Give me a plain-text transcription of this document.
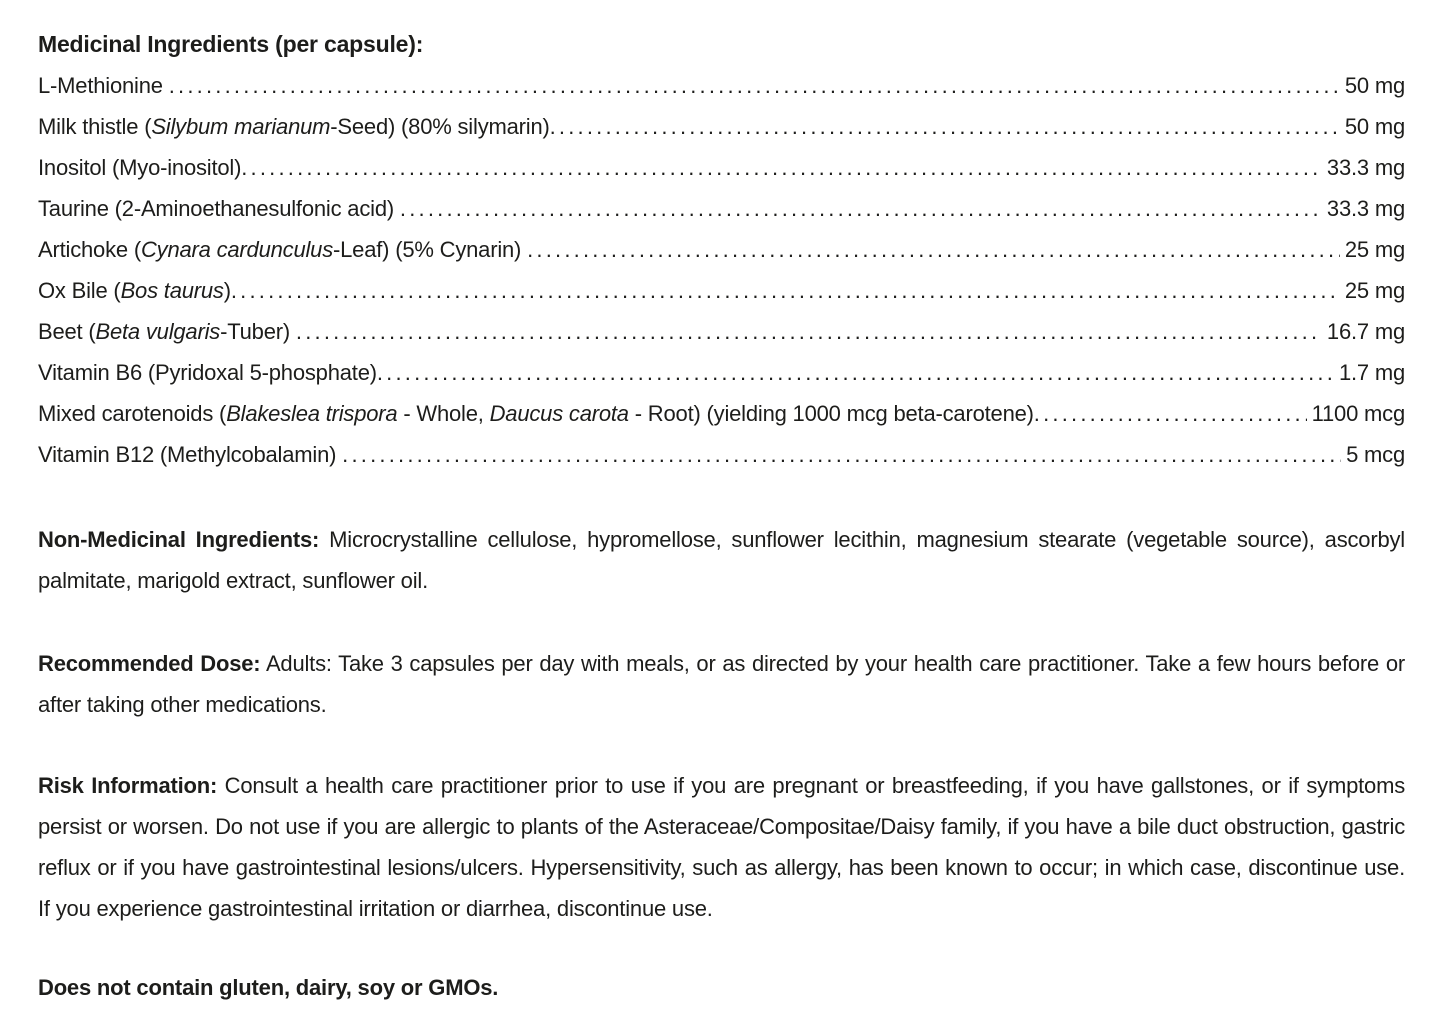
Medicinal Ingredients (per capsule):
L-Methionine .....	50 mg
Milk thistle (Silybum marianum-Seed) (80% silymarin) .....	50 mg
Inositol (Myo-inositol) .....	33.3 mg
Taurine (2-Aminoethanesulfonic acid) .....	33.3 mg
Artichoke (Cynara cardunculus-Leaf) (5% Cynarin) .....	25 mg
Ox Bile (Bos taurus) .....	25 mg
Beet (Beta vulgaris-Tuber) .....	16.7 mg
Vitamin B6 (Pyridoxal 5-phosphate) .....	1.7 mg
Mixed carotenoids (Blakeslea trispora - Whole, Daucus carota - Root) (yielding 1000 mcg beta-carotene) .....	1100 mcg
Vitamin B12 (Methylcobalamin) .....	5 mcg

Non-Medicinal Ingredients: Microcrystalline cellulose, hypromellose, sunflower lecithin, magnesium stearate (vegetable source), ascorbyl palmitate, marigold extract, sunflower oil.

Recommended Dose: Adults: Take 3 capsules per day with meals, or as directed by your health care practitioner. Take a few hours before or after taking other medications.

Risk Information: Consult a health care practitioner prior to use if you are pregnant or breastfeeding, if you have gallstones, or if symptoms persist or worsen. Do not use if you are allergic to plants of the Asteraceae/Compositae/Daisy family, if you have a bile duct obstruction, gastric reflux or if you have gastrointestinal lesions/ulcers. Hypersensitivity, such as allergy, has been known to occur; in which case, discontinue use. If you experience gastrointestinal irritation or diarrhea, discontinue use.

Does not contain gluten, dairy, soy or GMOs.
